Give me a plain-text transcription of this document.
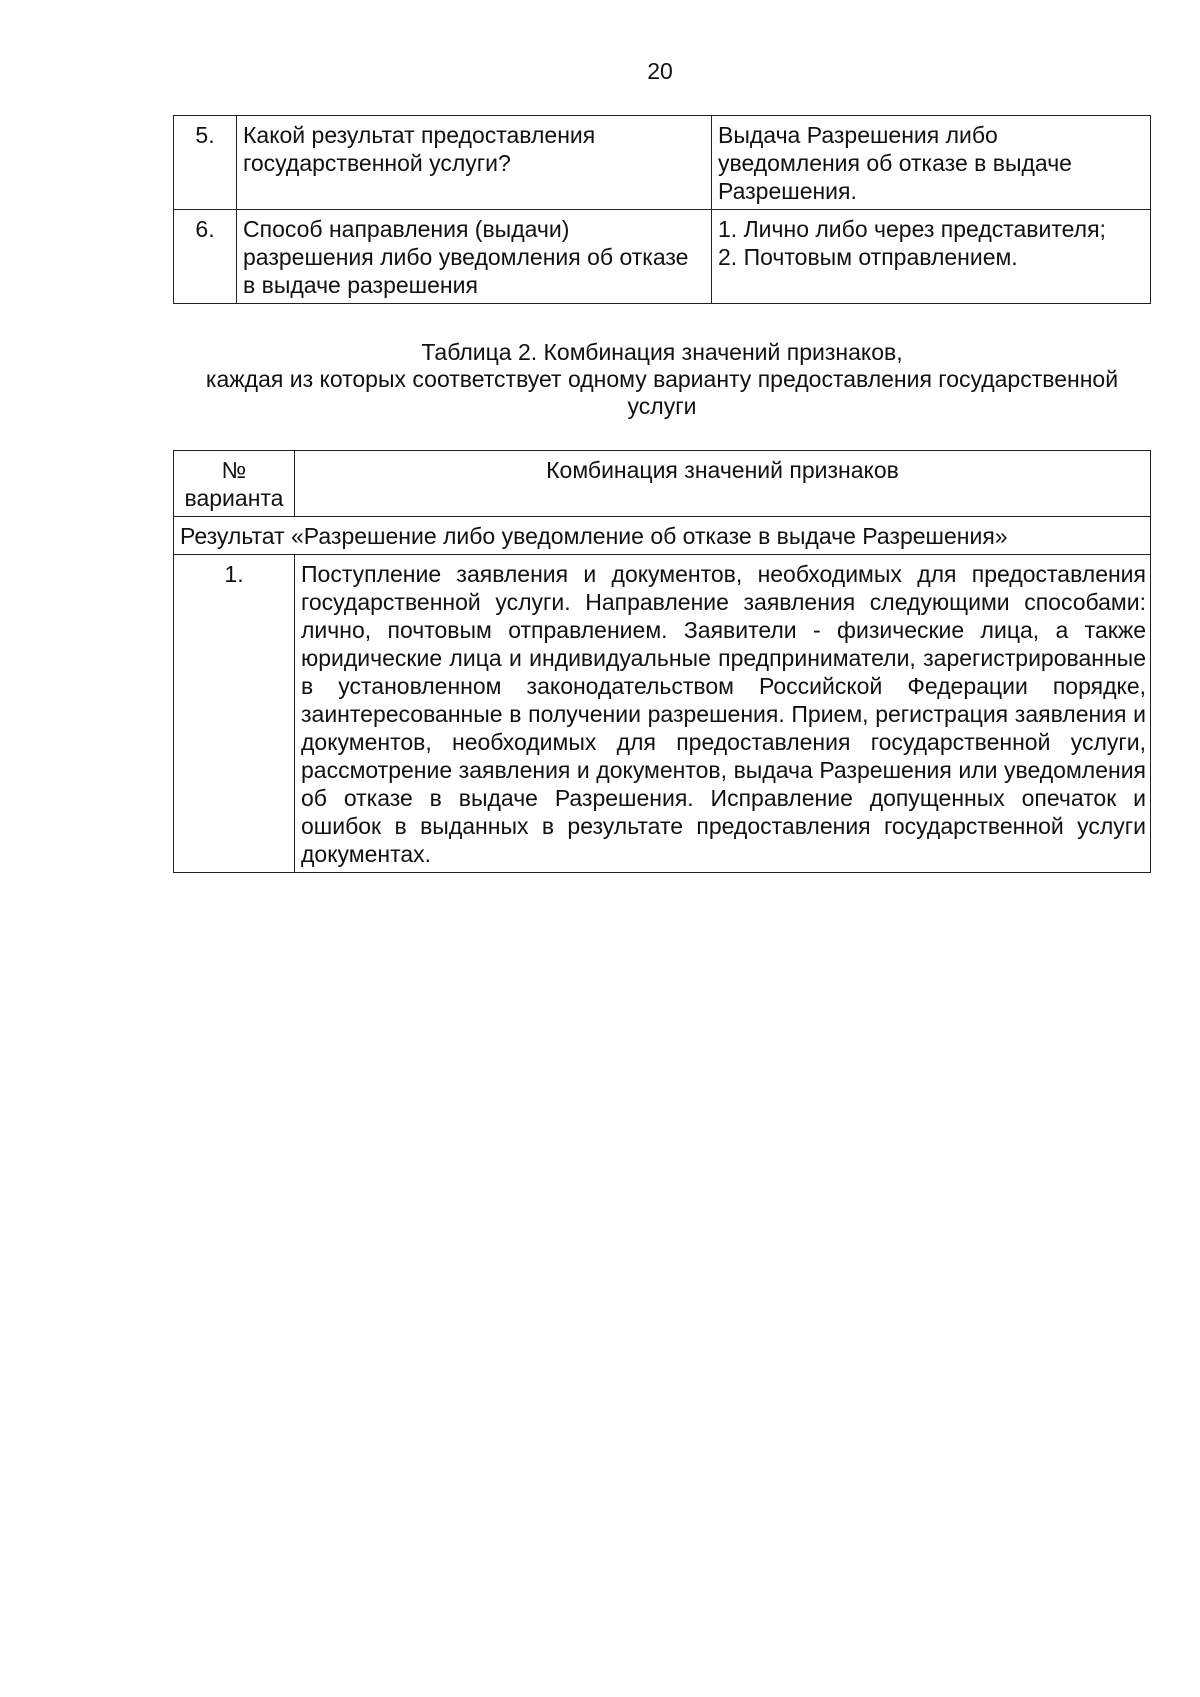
20
5.	Какой результат предоставления государственной услуги?	Выдача Разрешения либо уведомления об отказе в выдаче Разрешения.
6.	Способ направления (выдачи) разрешения либо уведомления об отказе в выдаче разрешения	1. Лично либо через представителя;
2. Почтовым отправлением.
Таблица 2. Комбинация значений признаков,
каждая из которых соответствует одному варианту предоставления государственной услуги
№ варианта	Комбинация значений признаков
Результат «Разрешение либо уведомление об отказе в выдаче Разрешения»	
1.	Поступление заявления и документов, необходимых для предоставления государственной услуги. Направление заявления следующими способами: лично, почтовым отправлением. Заявители - физические лица, а также юридические лица и индивидуальные предприниматели, зарегистрированные в установленном законодательством Российской Федерации порядке, заинтересованные в получении разрешения. Прием, регистрация заявления и документов, необходимых для предоставления государственной услуги, рассмотрение заявления и документов, выдача Разрешения или уведомления об отказе в выдаче Разрешения. Исправление допущенных опечаток и ошибок в выданных в результате предоставления государственной услуги документах.
